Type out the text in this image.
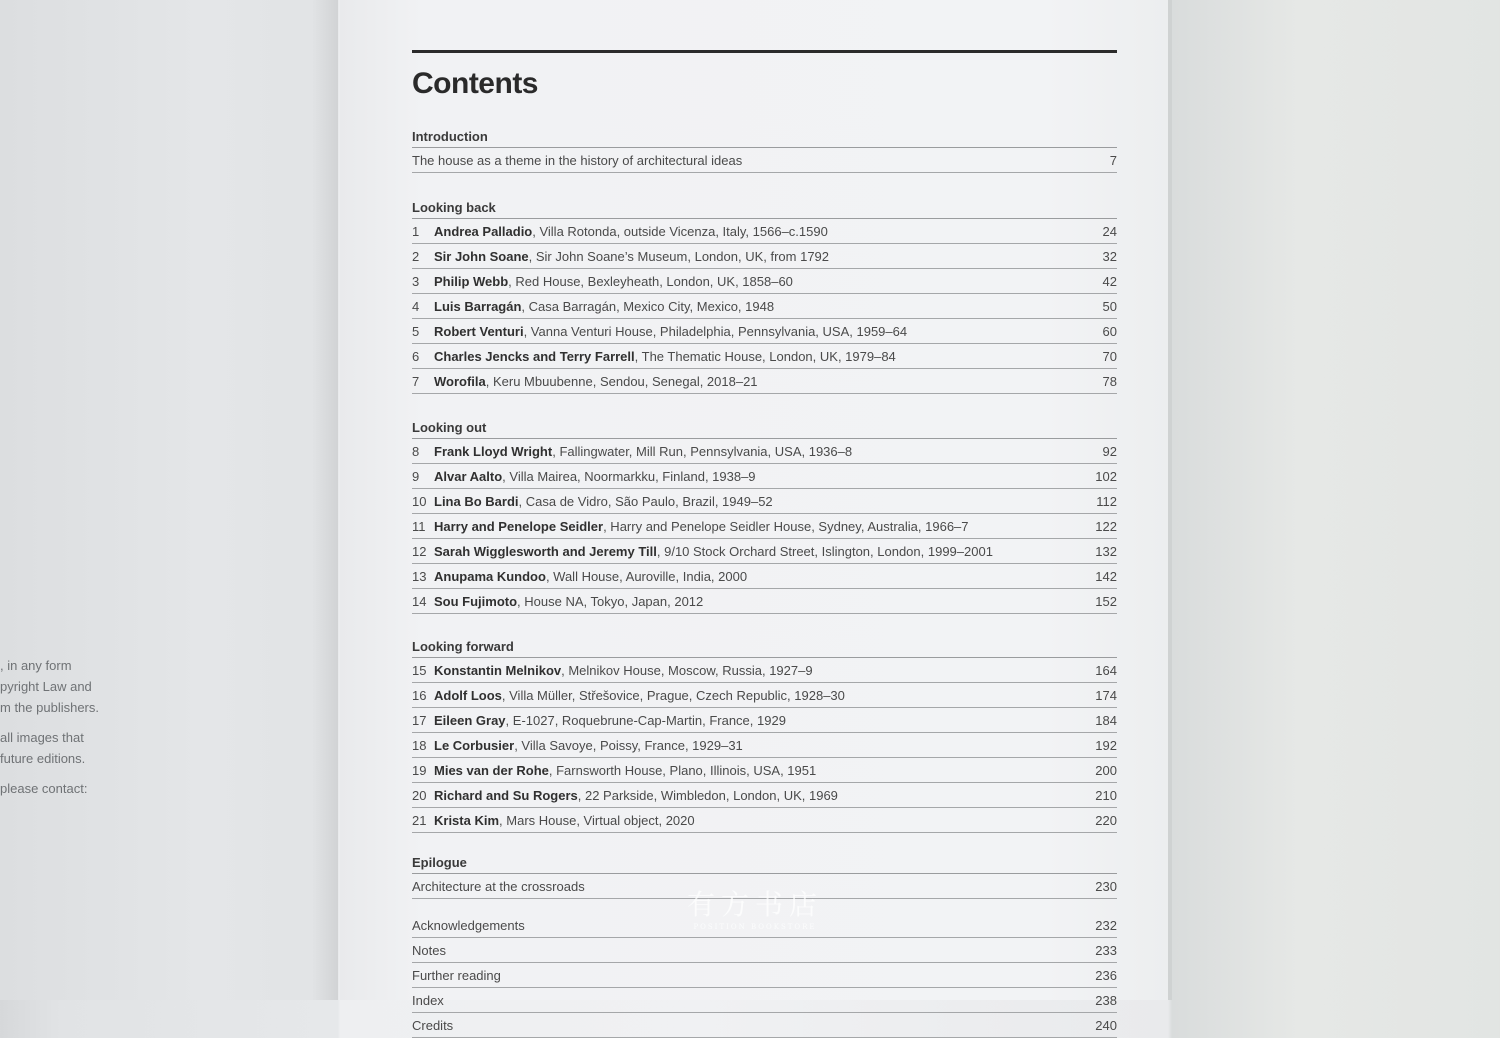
, in any form

pyright Law and

m the publishers.

all images that

future editions.

please contact:

Contents
Introduction
The house as a theme in the history of architectural ideas	7
Looking back
1	Andrea Palladio, Villa Rotonda, outside Vicenza, Italy, 1566–c.1590	24
2	Sir John Soane, Sir John Soane’s Museum, London, UK, from 1792	32
3	Philip Webb, Red House, Bexleyheath, London, UK, 1858–60	42
4	Luis Barragán, Casa Barragán, Mexico City, Mexico, 1948	50
5	Robert Venturi, Vanna Venturi House, Philadelphia, Pennsylvania, USA, 1959–64	60
6	Charles Jencks and Terry Farrell, The Thematic House, London, UK, 1979–84	70
7	Worofila, Keru Mbuubenne, Sendou, Senegal, 2018–21	78
Looking out
8	Frank Lloyd Wright, Fallingwater, Mill Run, Pennsylvania, USA, 1936–8	92
9	Alvar Aalto, Villa Mairea, Noormarkku, Finland, 1938–9	102
10 Lina Bo Bardi, Casa de Vidro, São Paulo, Brazil, 1949–52	112
11 Harry and Penelope Seidler, Harry and Penelope Seidler House, Sydney, Australia, 1966–7	122
12 Sarah Wigglesworth and Jeremy Till, 9/10 Stock Orchard Street, Islington, London, 1999–2001	132
13 Anupama Kundoo, Wall House, Auroville, India, 2000	142
14 Sou Fujimoto, House NA, Tokyo, Japan, 2012	152
Looking forward
15 Konstantin Melnikov, Melnikov House, Moscow, Russia, 1927–9	164
16 Adolf Loos, Villa Müller, Střešovice, Prague, Czech Republic, 1928–30	174
17 Eileen Gray, E-1027, Roquebrune-Cap-Martin, France, 1929	184
18 Le Corbusier, Villa Savoye, Poissy, France, 1929–31	192
19 Mies van der Rohe, Farnsworth House, Plano, Illinois, USA, 1951	200
20 Richard and Su Rogers, 22 Parkside, Wimbledon, London, UK, 1969	210
21 Krista Kim, Mars House, Virtual object, 2020	220
Epilogue
Architecture at the crossroads	230
Acknowledgements	232
Notes	233
Further reading	236
Index	238
Credits	240
有方书店
POSITION BOOKSTORE
